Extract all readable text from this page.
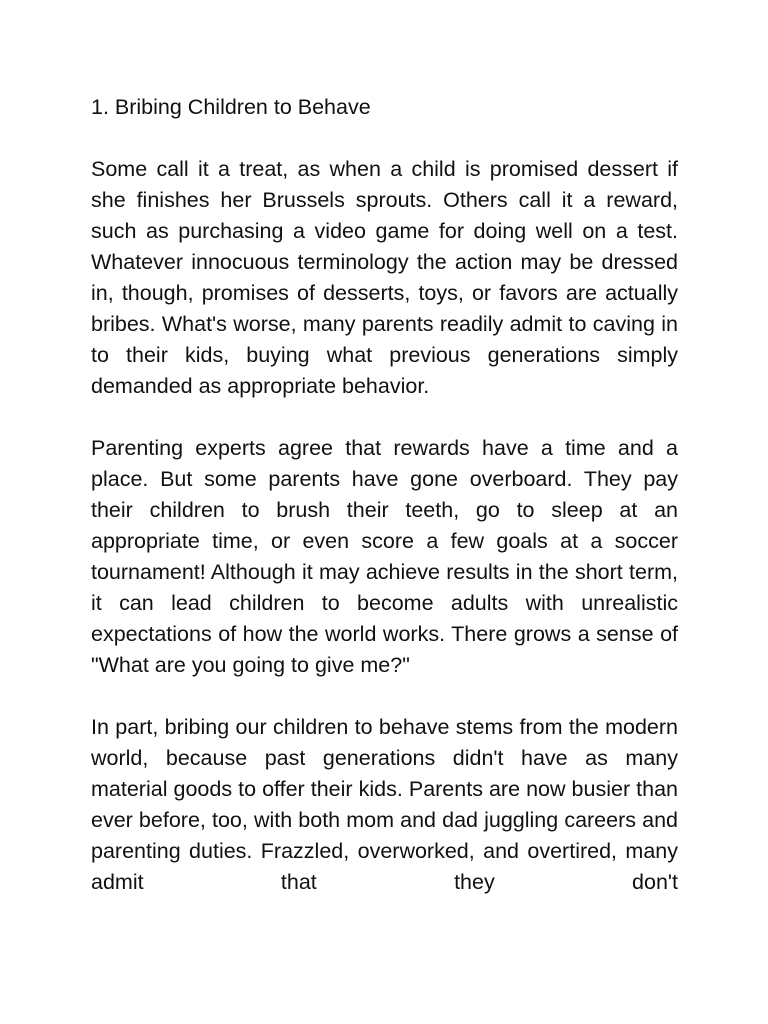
1. Bribing Children to Behave

Some call it a treat, as when a child is promised dessert if she finishes her Brussels sprouts. Others call it a reward, such as purchasing a video game for doing well on a test. Whatever innocuous terminology the action may be dressed in, though, promises of desserts, toys, or favors are actually bribes. What's worse, many parents readily admit to caving in to their kids, buying what previous generations simply demanded as appropriate behavior.

Parenting experts agree that rewards have a time and a place. But some parents have gone overboard. They pay their children to brush their teeth, go to sleep at an appropriate time, or even score a few goals at a soccer tournament! Although it may achieve results in the short term, it can lead children to become adults with unrealistic expectations of how the world works. There grows a sense of "What are you going to give me?"

In part, bribing our children to behave stems from the modern world, because past generations didn't have as many material goods to offer their kids. Parents are now busier than ever before, too, with both mom and dad juggling careers and parenting duties. Frazzled, overworked, and overtired, many admit that they don't
